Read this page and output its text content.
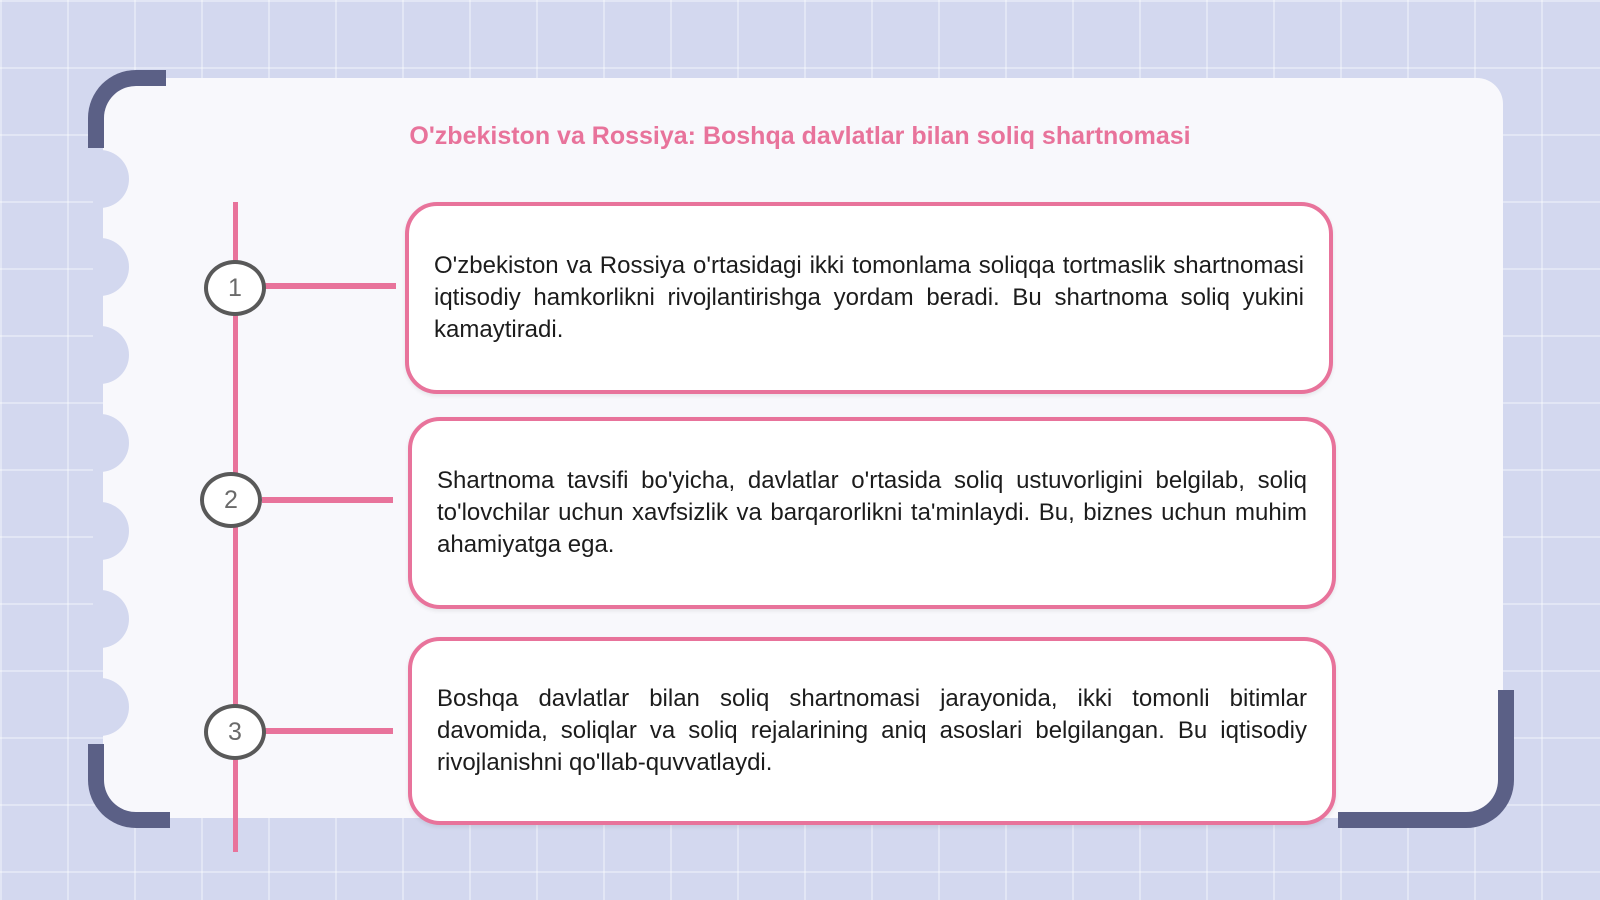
O'zbekiston va Rossiya: Boshqa davlatlar bilan soliq shartnomasi
1

O'zbekiston va Rossiya o'rtasidagi ikki tomonlama soliqqa tortmaslik shartnomasi iqtisodiy hamkorlikni rivojlantirishga yordam beradi. Bu shartnoma soliq yukini kamaytiradi.

2

Shartnoma tavsifi bo'yicha, davlatlar o'rtasida soliq ustuvorligini belgilab, soliq to'lovchilar uchun xavfsizlik va barqarorlikni ta'minlaydi. Bu, biznes uchun muhim ahamiyatga ega.

3

Boshqa davlatlar bilan soliq shartnomasi jarayonida, ikki tomonli bitimlar davomida, soliqlar va soliq rejalarining aniq asoslari belgilangan. Bu iqtisodiy rivojlanishni qo'llab-quvvatlaydi.
